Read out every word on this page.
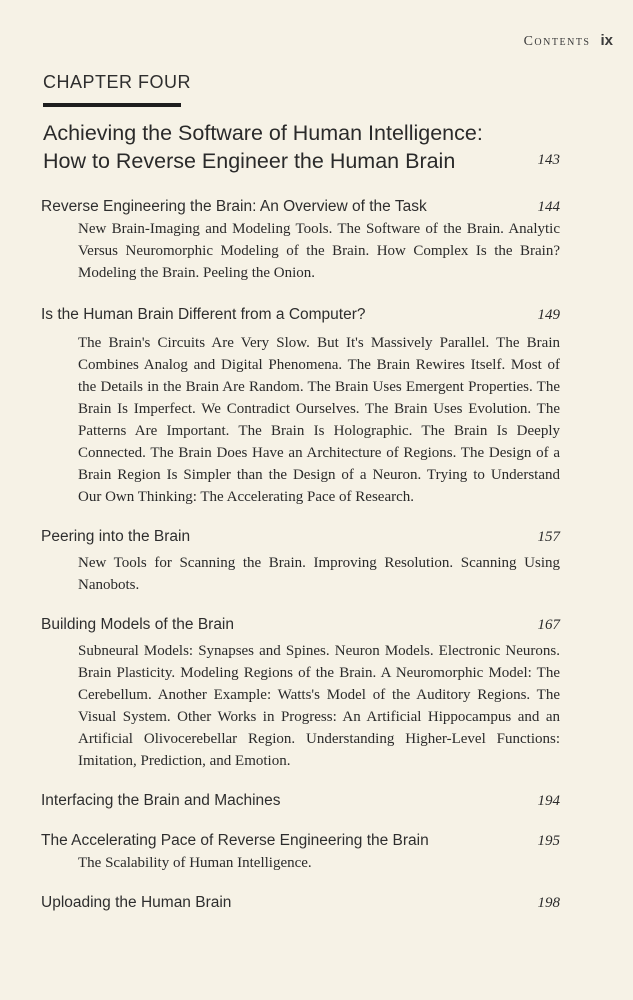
Contents ix
CHAPTER FOUR
Achieving the Software of Human Intelligence:
How to Reverse Engineer the Human Brain	143
Reverse Engineering the Brain: An Overview of the Task	144
New Brain-Imaging and Modeling Tools. The Software of the Brain. Analytic Versus Neuromorphic Modeling of the Brain. How Complex Is the Brain? Modeling the Brain. Peeling the Onion.
Is the Human Brain Different from a Computer?	149
The Brain's Circuits Are Very Slow. But It's Massively Parallel. The Brain Combines Analog and Digital Phenomena. The Brain Rewires Itself. Most of the Details in the Brain Are Random. The Brain Uses Emergent Properties. The Brain Is Imperfect. We Contradict Ourselves. The Brain Uses Evolution. The Patterns Are Important. The Brain Is Holographic. The Brain Is Deeply Connected. The Brain Does Have an Architecture of Regions. The Design of a Brain Region Is Simpler than the Design of a Neuron. Trying to Understand Our Own Thinking: The Accelerating Pace of Research.
Peering into the Brain	157
New Tools for Scanning the Brain. Improving Resolution. Scanning Using Nanobots.
Building Models of the Brain	167
Subneural Models: Synapses and Spines. Neuron Models. Electronic Neurons. Brain Plasticity. Modeling Regions of the Brain. A Neuromorphic Model: The Cerebellum. Another Example: Watts's Model of the Auditory Regions. The Visual System. Other Works in Progress: An Artificial Hippocampus and an Artificial Olivocerebellar Region. Understanding Higher-Level Functions: Imitation, Prediction, and Emotion.
Interfacing the Brain and Machines	194
The Accelerating Pace of Reverse Engineering the Brain	195
The Scalability of Human Intelligence.
Uploading the Human Brain	198
